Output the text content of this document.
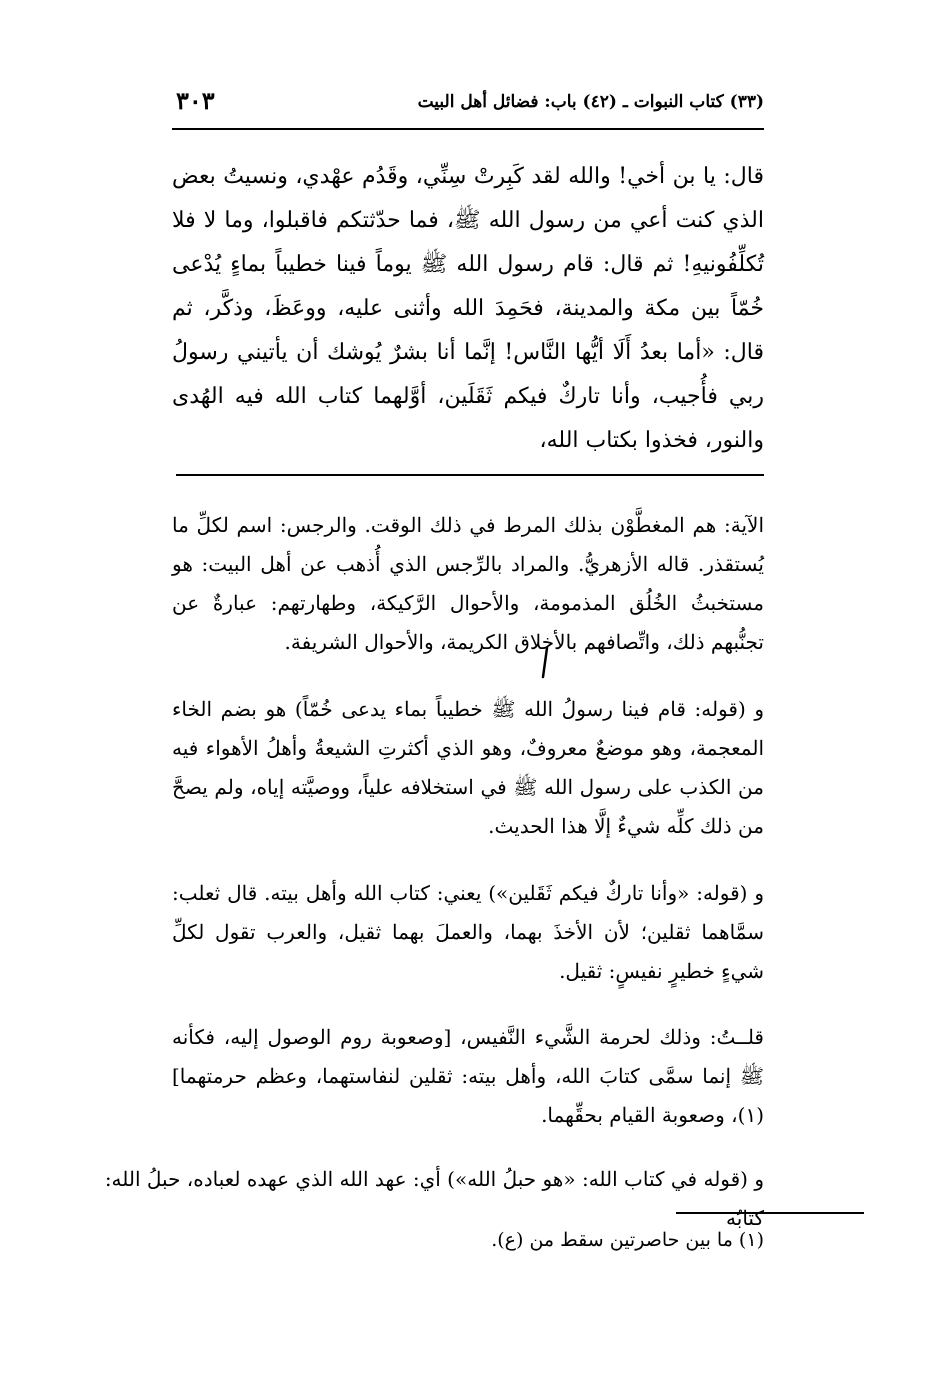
(٣٣) كتاب النبوات ـ (٤٢) باب: فضائل أهل البيت
٣٠٣

قال: يا بن أخي! والله لقد كَبِرتْ سِنِّي، وقَدُم عهْدي، ونسيتُ بعض الذي كنت أعي من رسول الله ﷺ، فما حدّثتكم فاقبلوا، وما لا فلا تُكلِّفُونيهِ! ثم قال: قام رسول الله ﷺ يوماً فينا خطيباً بماءٍ يُدْعى خُمّاً بين مكة والمدينة، فحَمِدَ الله وأثنى عليه، ووعَظَ، وذكَّر، ثم قال: «أما بعدُ أَلَا أيُّها النَّاس! إنَّما أنا بشرٌ يُوشك أن يأتيني رسولُ ربي فأُجيب، وأنا تاركٌ فيكم ثَقَلَين، أوَّلهما كتاب الله فيه الهُدى والنور، فخذوا بكتاب الله،

الآية: هم المغطَّوْن بذلك المرط في ذلك الوقت. والرجس: اسم لكلِّ ما يُستقذر. قاله الأزهريُّ. والمراد بالرِّجس الذي أُذهب عن أهل البيت: هو مستخبثُ الخُلُق المذمومة، والأحوال الرَّكيكة، وطهارتهم: عبارةٌ عن تجنُّبهم ذلك، واتِّصافهم بالأخلاق الكريمة، والأحوال الشريفة.

و (قوله: قام فينا رسولُ الله ﷺ خطيباً بماء يدعى خُمّاً) هو بضم الخاء المعجمة، وهو موضعٌ معروفٌ، وهو الذي أكثرتِ الشيعةُ وأهلُ الأهواء فيه من الكذب على رسول الله ﷺ في استخلافه علياً، ووصيَّته إياه، ولم يصحَّ من ذلك كلِّه شيءٌ إلَّا هذا الحديث.

و (قوله: «وأنا تاركٌ فيكم ثَقَلين») يعني: كتاب الله وأهل بيته. قال ثعلب: سمَّاهما ثقلين؛ لأن الأخذَ بهما، والعملَ بهما ثقيل، والعرب تقول لكلِّ شيءٍ خطيرٍ نفيسٍ: ثقيل.

قلــتُ: وذلك لحرمة الشَّيء النَّفيس، [وصعوبة روم الوصول إليه، فكأنه ﷺ إنما سمَّى كتابَ الله، وأهل بيته: ثقلين لنفاستهما، وعظم حرمتهما](١)، وصعوبة القيام بحقِّهما.

و (قوله في كتاب الله: «هو حبلُ الله») أي: عهد الله الذي عهده لعباده، حبلُ الله: كتابُه

(١) ما بين حاصرتين سقط من (ع).
